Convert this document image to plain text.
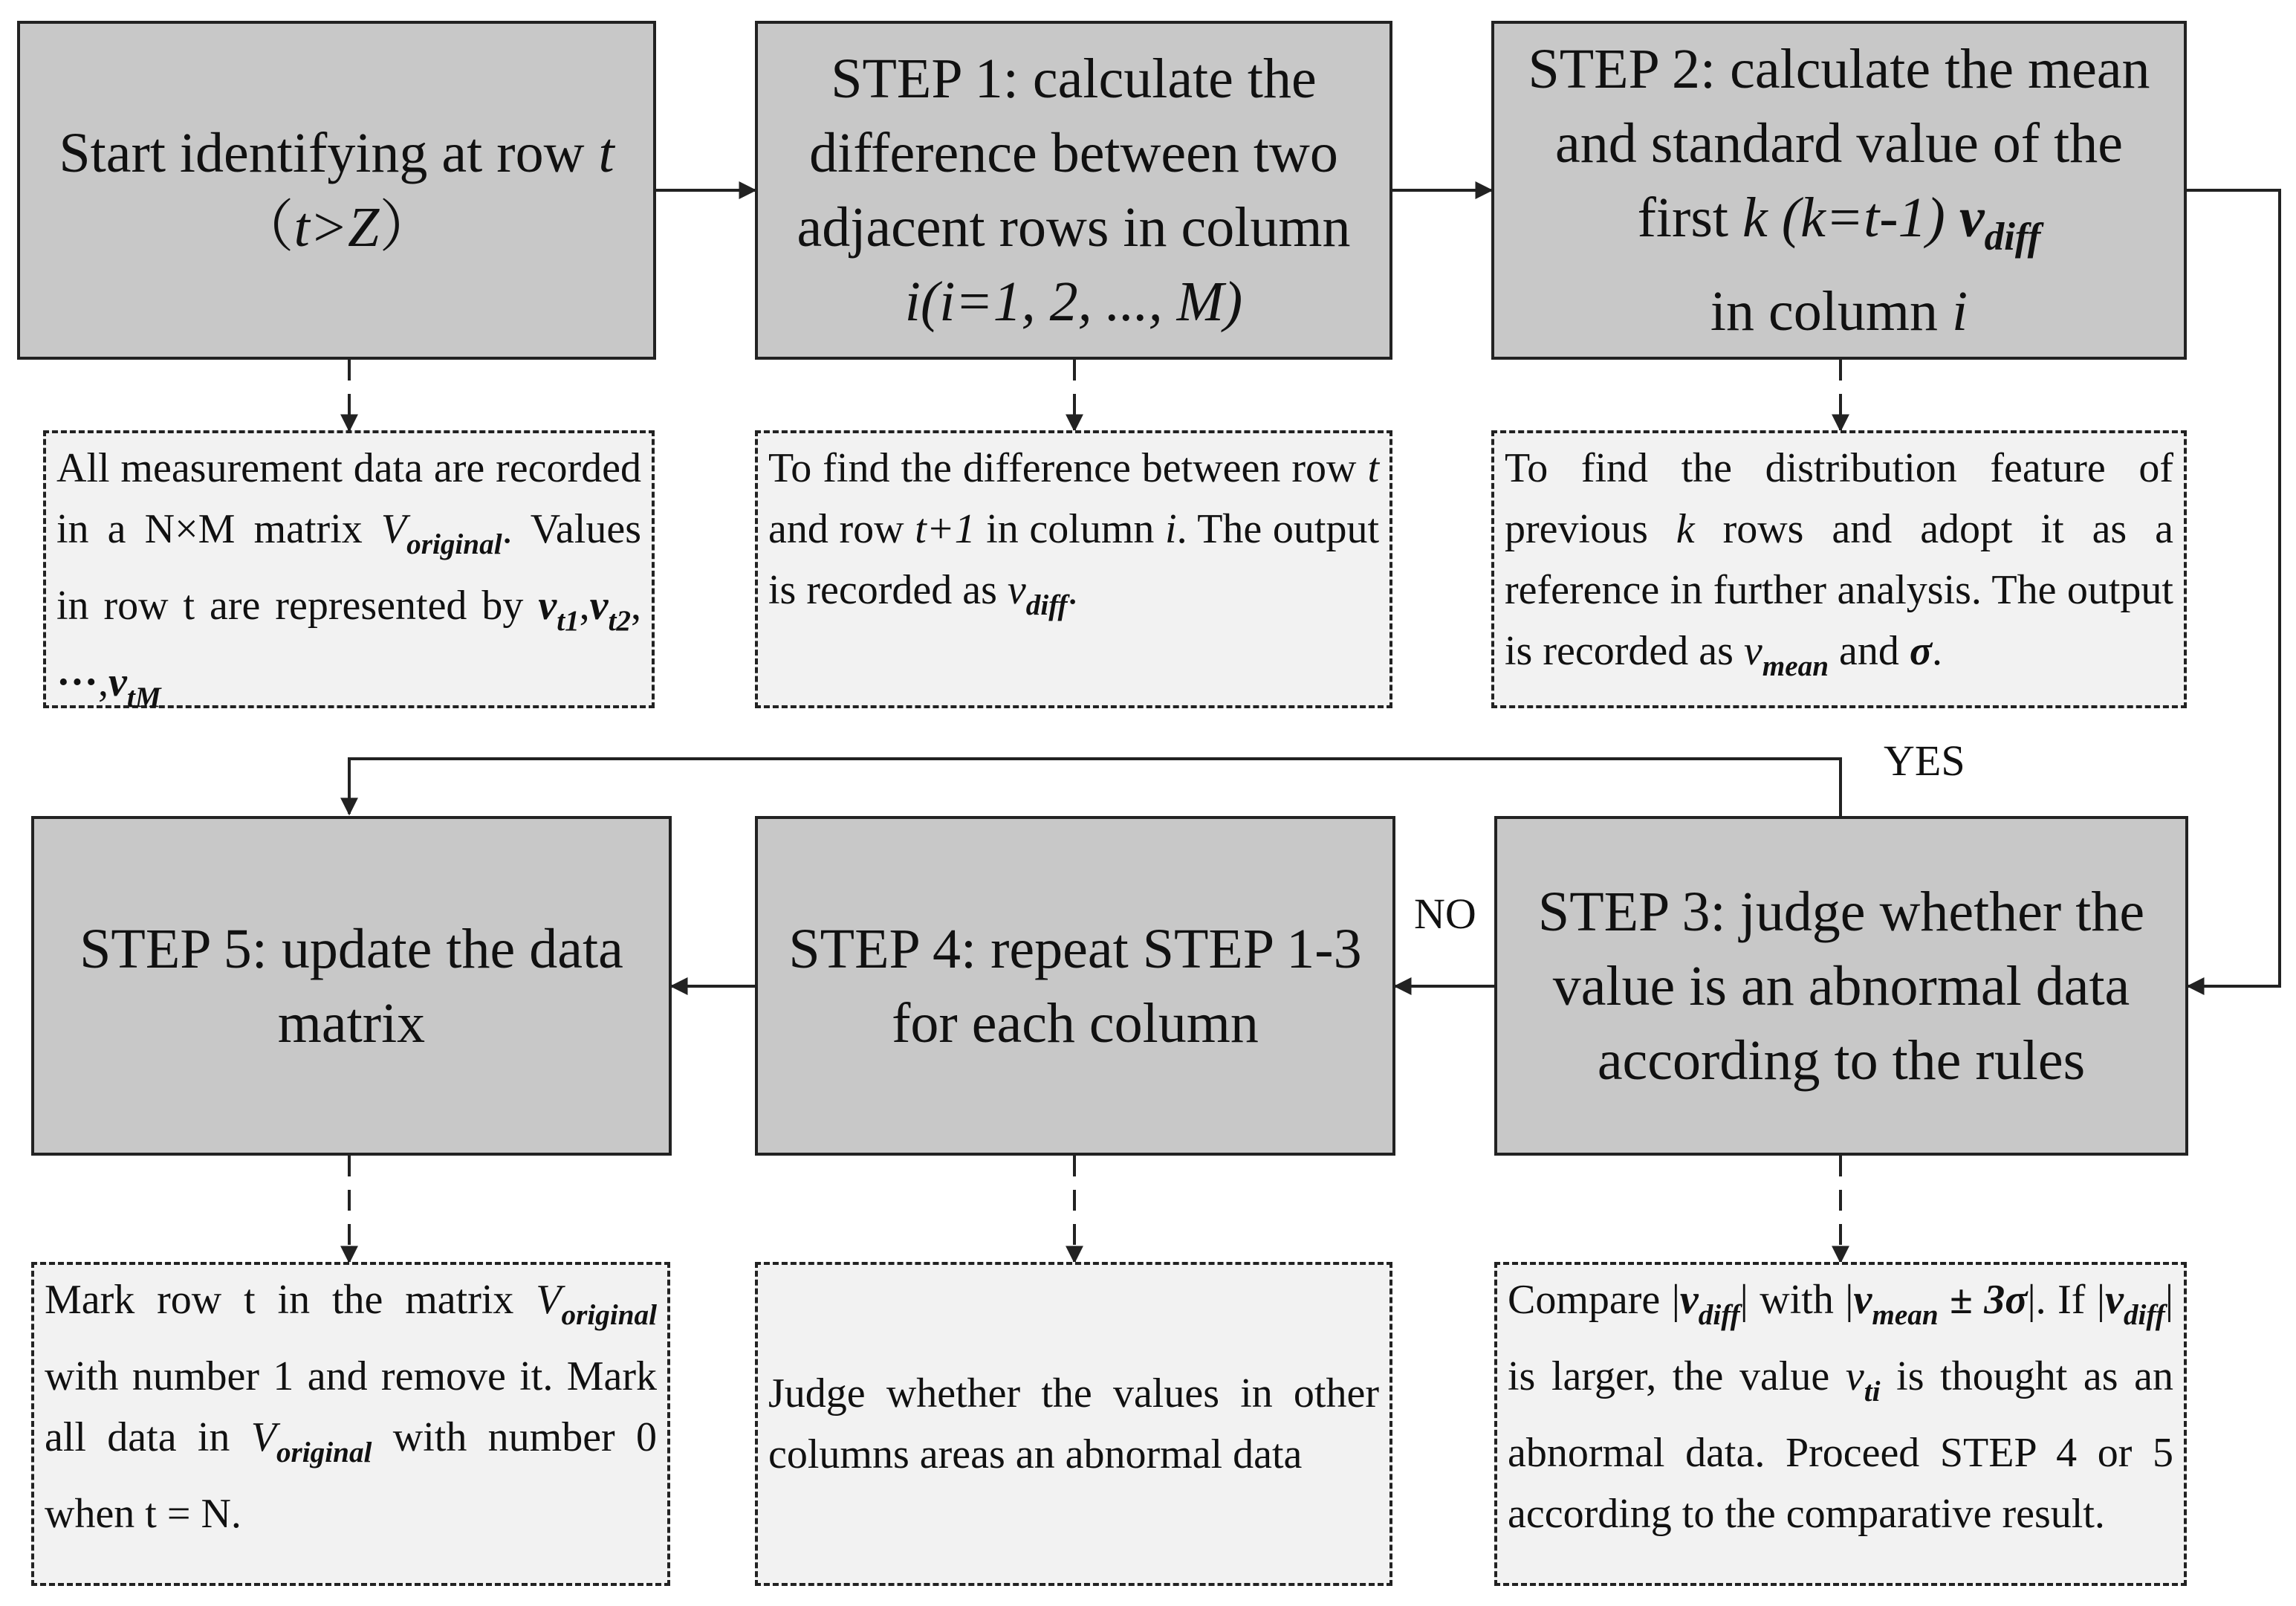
YES
NO
Start identifying at row t
（t>Z）
STEP 1: calculate the difference between two adjacent rows in column
i(i=1, 2, ..., M)
STEP 2: calculate the mean and standard value of the first k (k=t-1) $v_{diff}$
in column i
All measurement data are recorded in a N×M matrix $V_{original}$. Values in row t are represented by $v_{t1},v_{t2}$, $\cdot\cdot\cdot,v_{tM}$
To find the difference between row t and row t+1 in column i. The output is recorded as $v_{diff}$.
To find the distribution feature of previous k rows and adopt it as a reference in further analysis. The output is recorded as $v_{mean}$ and σ.
STEP 5: update the data matrix
STEP 4: repeat STEP 1-3 for each column
STEP 3: judge whether the value is an abnormal data according to the rules
Mark row t in the matrix $V_{original}$ with number 1 and remove it. Mark all data in $V_{original}$ with number 0 when t = N.
Judge whether the values in other columns areas an abnormal data
Compare $|v_{diff}|$ with $|v_{mean} \pm 3\sigma|$. If $|v_{diff}|$ is larger, the value $v_{ti}$ is thought as an abnormal data. Proceed STEP 4 or 5 according to the comparative result.
